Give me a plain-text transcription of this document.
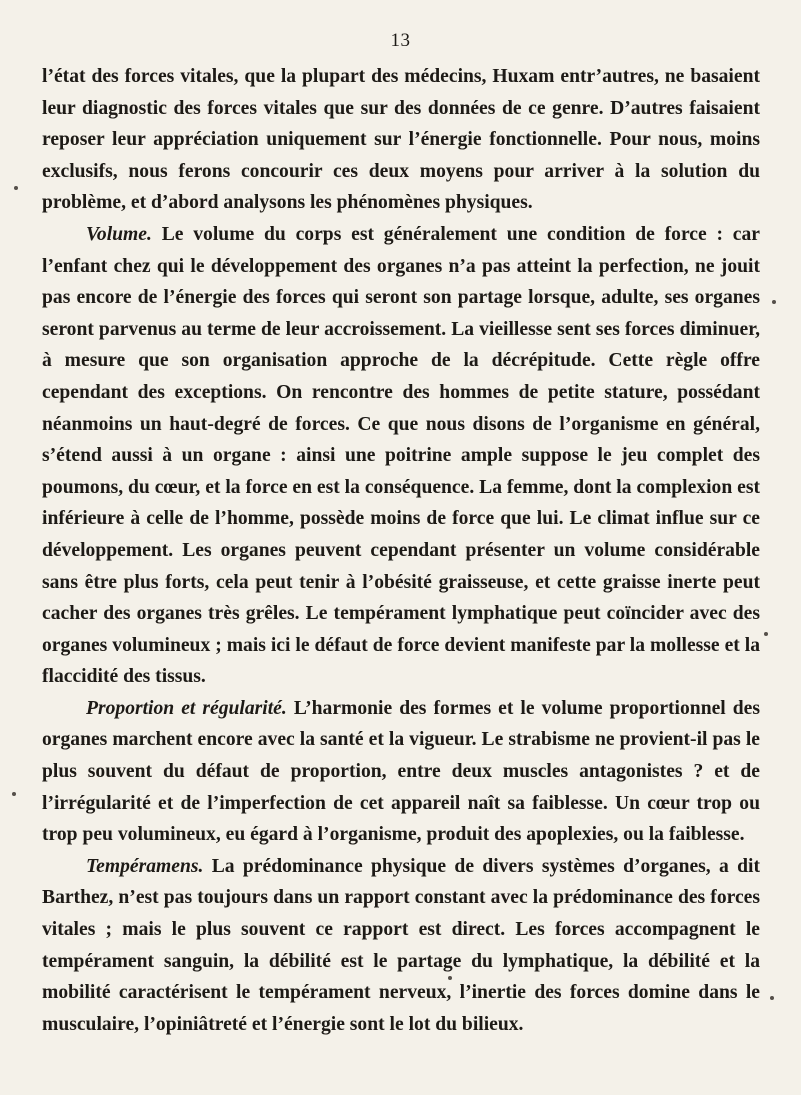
13

l’état des forces vitales, que la plupart des médecins, Huxam entr’autres, ne basaient leur diagnostic des forces vitales que sur des données de ce genre. D’autres faisaient reposer leur appréciation uniquement sur l’énergie fonctionnelle. Pour nous, moins exclusifs, nous ferons concourir ces deux moyens pour arriver à la solution du problème, et d’abord analysons les phénomènes physiques.

Volume. Le volume du corps est généralement une condition de force : car l’enfant chez qui le développement des organes n’a pas atteint la perfection, ne jouit pas encore de l’énergie des forces qui seront son partage lorsque, adulte, ses organes seront parvenus au terme de leur accroissement. La vieillesse sent ses forces diminuer, à mesure que son organisation approche de la décrépitude. Cette règle offre cependant des exceptions. On rencontre des hommes de petite stature, possédant néanmoins un haut-degré de forces. Ce que nous disons de l’organisme en général, s’étend aussi à un organe : ainsi une poitrine ample suppose le jeu complet des poumons, du cœur, et la force en est la conséquence. La femme, dont la complexion est inférieure à celle de l’homme, possède moins de force que lui. Le climat influe sur ce développement. Les organes peuvent cependant présenter un volume considérable sans être plus forts, cela peut tenir à l’obésité graisseuse, et cette graisse inerte peut cacher des organes très grêles. Le tempérament lymphatique peut coïncider avec des organes volumineux ; mais ici le défaut de force devient manifeste par la mollesse et la flaccidité des tissus.

Proportion et régularité. L’harmonie des formes et le volume proportionnel des organes marchent encore avec la santé et la vigueur. Le strabisme ne provient-il pas le plus souvent du défaut de proportion, entre deux muscles antagonistes ? et de l’irrégularité et de l’imperfection de cet appareil naît sa faiblesse. Un cœur trop ou trop peu volumineux, eu égard à l’organisme, produit des apoplexies, ou la faiblesse.

Tempéramens. La prédominance physique de divers systèmes d’organes, a dit Barthez, n’est pas toujours dans un rapport constant avec la prédominance des forces vitales ; mais le plus souvent ce rapport est direct. Les forces accompagnent le tempérament sanguin, la débilité est le partage du lymphatique, la débilité et la mobilité caractérisent le tempérament nerveux, l’inertie des forces domine dans le musculaire, l’opiniâtreté et l’énergie sont le lot du bilieux.
